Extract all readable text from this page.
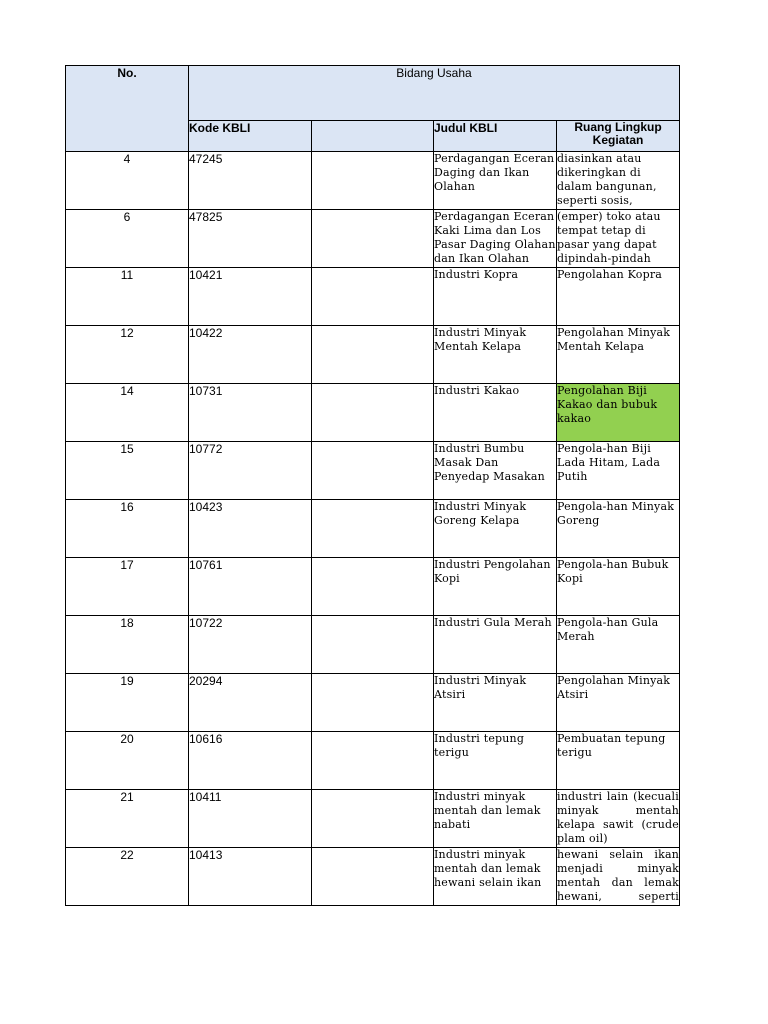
No.	Bidang Usaha			
	Kode KBLI		Judul KBLI	Ruang Lingkup Kegiatan
4	47245		Perdagangan Eceran Daging dan Ikan Olahan	diasinkan atau dikeringkan di dalam bangunan, seperti sosis,

6	47825		Perdagangan Eceran Kaki Lima dan Los Pasar Daging Olahan dan Ikan Olahan	(emper) toko atau tempat tetap di pasar yang dapat dipindah-pindah

11	10421		Industri Kopra	Pengolahan Kopra

12	10422		Industri Minyak Mentah Kelapa	Pengolahan Minyak Mentah Kelapa

14	10731		Industri Kakao	Pengolahan Biji Kakao dan bubuk kakao

15	10772		Industri Bumbu Masak Dan Penyedap Masakan	Pengola-han Biji Lada Hitam, Lada Putih

16	10423		Industri Minyak Goreng Kelapa	Pengola-han Minyak Goreng

17	10761		Industri Pengolahan Kopi	Pengola-han Bubuk Kopi

18	10722		Industri Gula Merah	Pengola-han Gula Merah

19	20294		Industri Minyak Atsiri	Pengolahan Minyak Atsiri

20	10616		Industri tepung terigu	Pembuatan tepung terigu

21	10411		Industri minyak mentah dan lemak nabati	industri lain (kecuali minyak mentah kelapa sawit (crude plam oil)

22	10413		Industri minyak mentah dan lemak hewani selain ikan	hewani selain ikan menjadi minyak mentah dan lemak hewani, seperti
